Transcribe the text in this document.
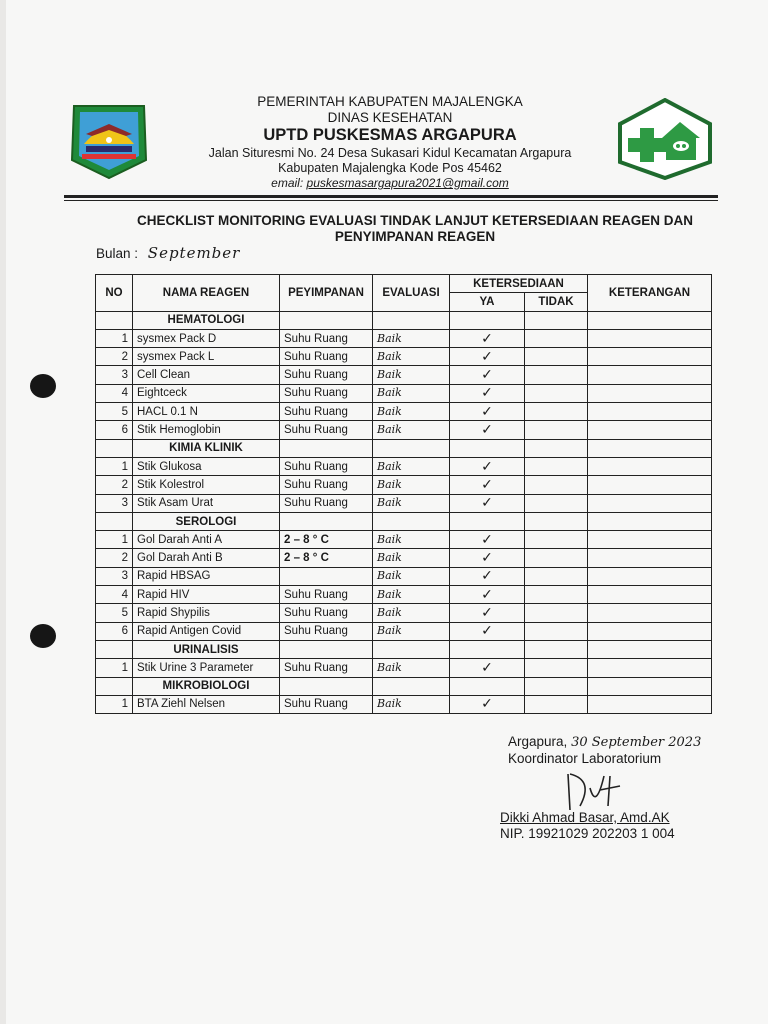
PEMERINTAH KABUPATEN MAJALENGKA
DINAS KESEHATAN
UPTD PUSKESMAS ARGAPURA
Jalan Situresmi No. 24 Desa Sukasari Kidul Kecamatan Argapura
Kabupaten Majalengka Kode Pos 45462
email: puskesmasargapura2021@gmail.com
CHECKLIST MONITORING EVALUASI TINDAK LANJUT KETERSEDIAAN REAGEN DAN
PENYIMPANAN REAGEN
Bulan : September
NO	NAMA REAGEN	PEYIMPANAN	EVALUASI	KETERSEDIAAN		KETERANGAN
				YA	TIDAK	
	HEMATOLOGI					
1	sysmex Pack D	Suhu Ruang	Baik	✓		
2	sysmex Pack L	Suhu Ruang	Baik	✓		
3	Cell Clean	Suhu Ruang	Baik	✓		
4	Eightceck	Suhu Ruang	Baik	✓		
5	HACL 0.1 N	Suhu Ruang	Baik	✓		
6	Stik Hemoglobin	Suhu Ruang	Baik	✓		
	KIMIA KLINIK					
1	Stik Glukosa	Suhu Ruang	Baik	✓		
2	Stik Kolestrol	Suhu Ruang	Baik	✓		
3	Stik Asam Urat	Suhu Ruang	Baik	✓		
	SEROLOGI					
1	Gol Darah Anti A	2 – 8 ° C	Baik	✓		
2	Gol Darah Anti B	2 – 8 ° C	Baik	✓		
3	Rapid HBSAG		Baik	✓		
4	Rapid HIV	Suhu Ruang	Baik	✓		
5	Rapid Shypilis	Suhu Ruang	Baik	✓		
6	Rapid Antigen Covid	Suhu Ruang	Baik	✓		
	URINALISIS					
1	Stik Urine 3 Parameter	Suhu Ruang	Baik	✓		
	MIKROBIOLOGI					
1	BTA Ziehl Nelsen	Suhu Ruang	Baik	✓		
Argapura, 30 September 2023
Koordinator Laboratorium
Dikki Ahmad Basar, Amd.AK
NIP. 19921029 202203 1 004
